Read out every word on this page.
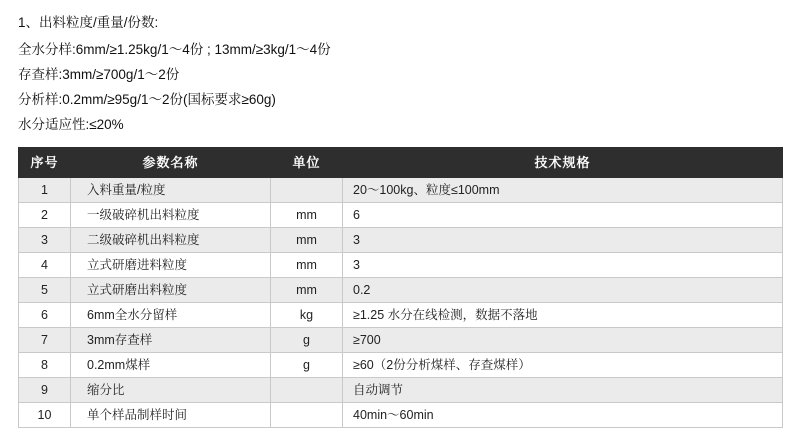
1、出料粒度/重量/份数:
全水分样:6mm/≥1.25kg/1〜4份 ; 13mm/≥3kg/1〜4份
存查样:3mm/≥700g/1〜2份
分析样:0.2mm/≥95g/1〜2份(国标要求≥60g)
水分适应性:≤20%
序号	参数名称	单位	技术规格
1	入料重量/粒度		20〜100kg、粒度≤100mm
2	一级破碎机出料粒度	mm	6
3	二级破碎机出料粒度	mm	3
4	立式研磨进料粒度	mm	3
5	立式研磨出料粒度	mm	0.2
6	6mm全水分留样	kg	≥1.25 水分在线检测，数据不落地
7	3mm存查样	g	≥700
8	0.2mm煤样	g	≥60（2份分析煤样、存查煤样）
9	缩分比		自动调节
10	单个样品制样时间		40min～60min
